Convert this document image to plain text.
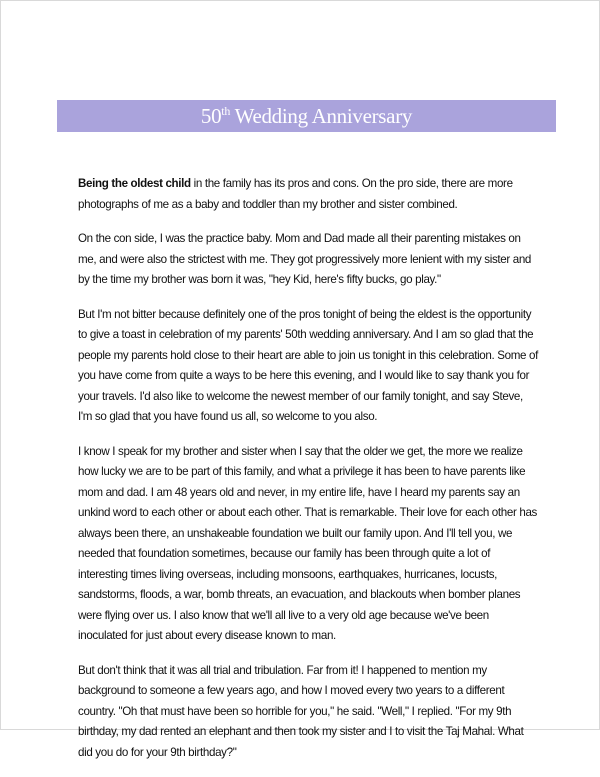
50th Wedding Anniversary

Being the oldest child in the family has its pros and cons. On the pro side, there are more photographs of me as a baby and toddler than my brother and sister combined.

On the con side, I was the practice baby. Mom and Dad made all their parenting mistakes on me, and were also the strictest with me. They got progressively more lenient with my sister and by the time my brother was born it was, "hey Kid, here's fifty bucks, go play."

But I'm not bitter because definitely one of the pros tonight of being the eldest is the opportunity to give a toast in celebration of my parents' 50th wedding anniversary. And I am so glad that the people my parents hold close to their heart are able to join us tonight in this celebration. Some of you have come from quite a ways to be here this evening, and I would like to say thank you for your travels. I'd also like to welcome the newest member of our family tonight, and say Steve, I'm so glad that you have found us all, so welcome to you also.

I know I speak for my brother and sister when I say that the older we get, the more we realize how lucky we are to be part of this family, and what a privilege it has been to have parents like mom and dad. I am 48 years old and never, in my entire life, have I heard my parents say an unkind word to each other or about each other. That is remarkable. Their love for each other has always been there, an unshakeable foundation we built our family upon. And I'll tell you, we needed that foundation sometimes, because our family has been through quite a lot of interesting times living overseas, including monsoons, earthquakes, hurricanes, locusts, sandstorms, floods, a war, bomb threats, an evacuation, and blackouts when bomber planes were flying over us. I also know that we'll all live to a very old age because we've been inoculated for just about every disease known to man.

But don't think that it was all trial and tribulation. Far from it! I happened to mention my background to someone a few years ago, and how I moved every two years to a different country. "Oh that must have been so horrible for you," he said. "Well," I replied. "For my 9th birthday, my dad rented an elephant and then took my sister and I to visit the Taj Mahal. What did you do for your 9th birthday?"
